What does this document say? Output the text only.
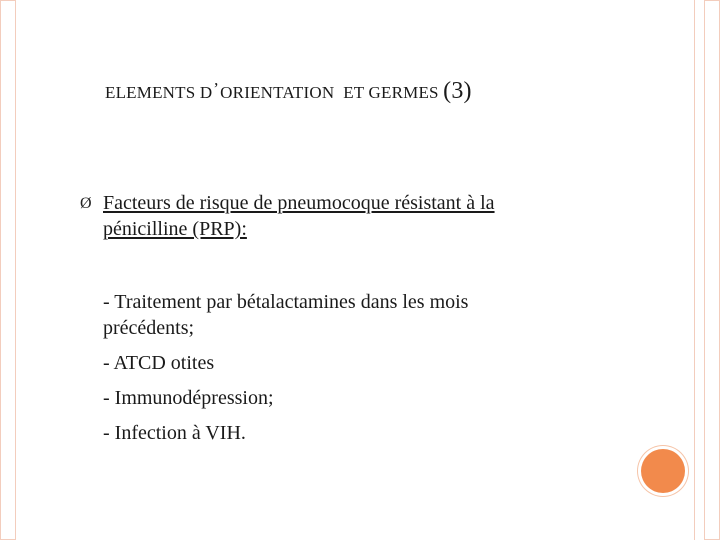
ELEMENTS D’ORIENTATION  ET GERMES (3)
Ø Facteurs de risque de pneumocoque résistant à la
pénicilline (PRP):
- Traitement par bétalactamines dans les mois
précédents;
- ATCD otites
- Immunodépression;
- Infection à VIH.
